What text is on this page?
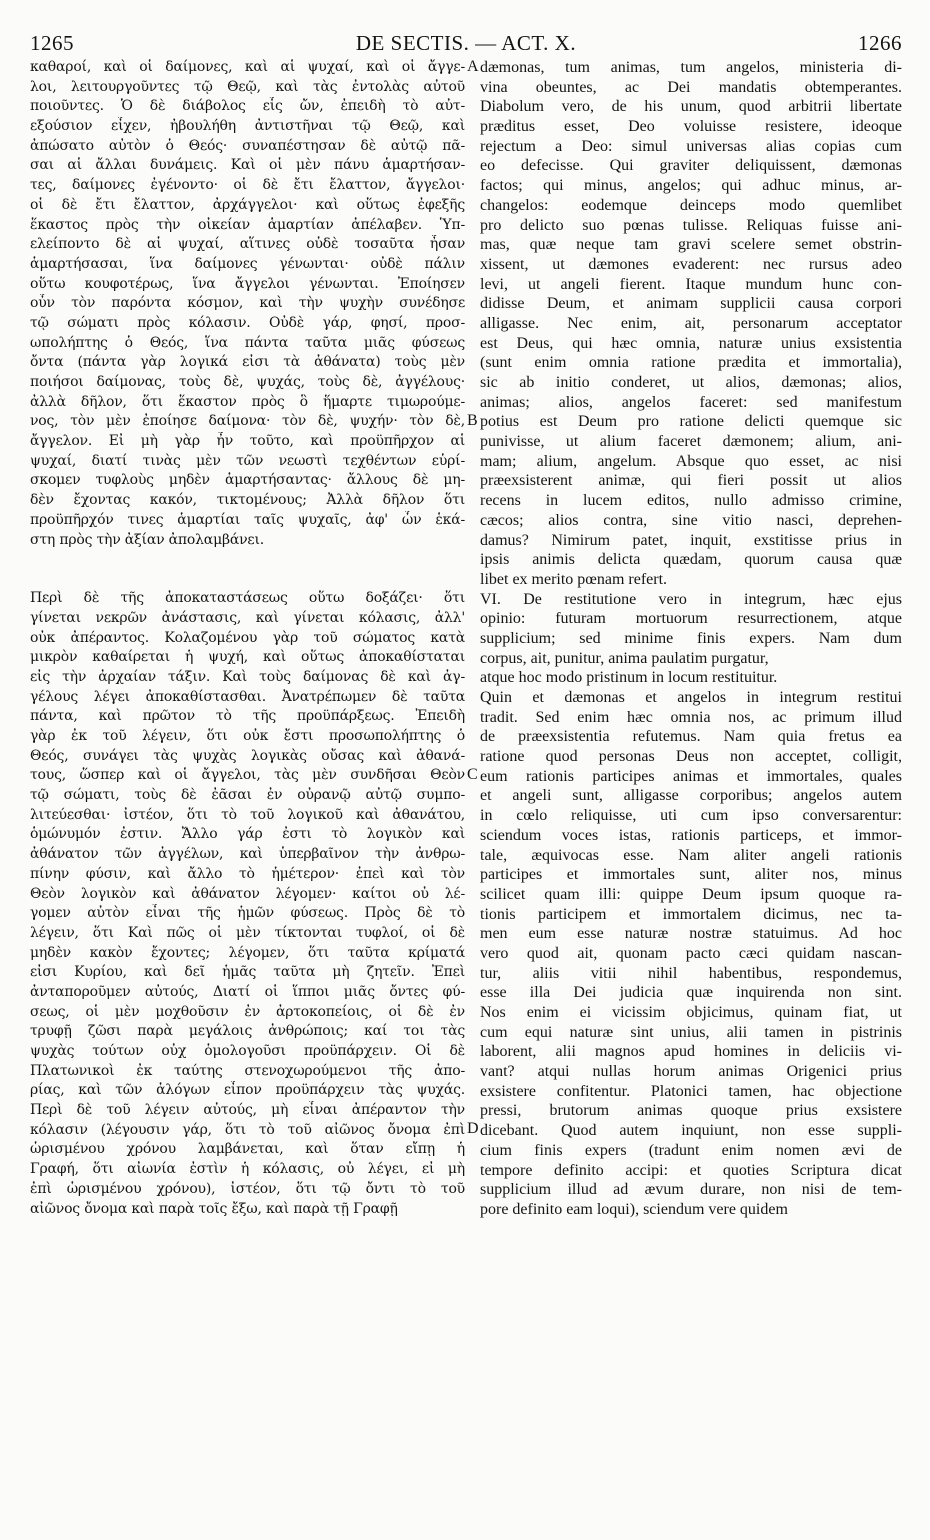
1265	DE SECTIS. — ACT. X.	1266
καθαροί, καὶ οἱ δαίμονες, καὶ αἱ ψυχαί, καὶ οἱ ἄγγε-
λοι, λειτουργοῦντες τῷ Θεῷ, καὶ τὰς ἐντολὰς αὐτοῦ
ποιοῦντες. Ὁ δὲ διάβολος εἷς ὤν, ἐπειδὴ τὸ αὐτ-
εξούσιον εἶχεν, ἠβουλήθη ἀντιστῆναι τῷ Θεῷ, καὶ
ἀπώσατο αὐτὸν ὁ Θεός· συναπέστησαν δὲ αὐτῷ πᾶ-
σαι αἱ ἄλλαι δυνάμεις. Καὶ οἱ μὲν πάνυ ἁμαρτήσαν-
τες, δαίμονες ἐγένοντο· οἱ δὲ ἔτι ἔλαττον, ἄγγελοι·
οἱ δὲ ἔτι ἔλαττον, ἀρχάγγελοι· καὶ οὕτως ἐφεξῆς
ἕκαστος πρὸς τὴν οἰκείαν ἁμαρτίαν ἀπέλαβεν. Ὑπ-
ελείποντο δὲ αἱ ψυχαί, αἵτινες οὐδὲ τοσαῦτα ἦσαν
ἁμαρτήσασαι, ἵνα δαίμονες γένωνται· οὐδὲ πάλιν
οὕτω κουφοτέρως, ἵνα ἄγγελοι γένωνται. Ἐποίησεν
οὖν τὸν παρόντα κόσμον, καὶ τὴν ψυχὴν συνέδησε
τῷ σώματι πρὸς κόλασιν. Οὐδὲ γάρ, φησί, προσ-
ωπολήπτης ὁ Θεός, ἵνα πάντα ταῦτα μιᾶς φύσεως
ὄντα (πάντα γὰρ λογικά εἰσι τὰ ἀθάνατα) τοὺς μὲν
ποιήσοι δαίμονας, τοὺς δὲ, ψυχάς, τοὺς δὲ, ἀγγέλους·
ἀλλὰ δῆλον, ὅτι ἕκαστον πρὸς ὃ ἥμαρτε τιμωρούμε-
νος, τὸν μὲν ἐποίησε δαίμονα· τὸν δὲ, ψυχήν· τὸν δὲ,
ἄγγελον. Εἰ μὴ γὰρ ἦν τοῦτο, καὶ προϋπῆρχον αἱ
ψυχαί, διατί τινὰς μὲν τῶν νεωστὶ τεχθέντων εὑρί-
σκομεν τυφλοὺς μηδὲν ἁμαρτήσαντας· ἄλλους δὲ μη-
δὲν ἔχοντας κακόν, τικτομένους; Ἀλλὰ δῆλον ὅτι
προϋπῆρχόν τινες ἁμαρτίαι ταῖς ψυχαῖς, ἀφ' ὧν ἑκά-
στη πρὸς τὴν ἀξίαν ἀπολαμβάνει.
Περὶ δὲ τῆς ἀποκαταστάσεως οὕτω δοξάζει· ὅτι
γίνεται νεκρῶν ἀνάστασις, καὶ γίνεται κόλασις, ἀλλ'
οὐκ ἀπέραντος. Κολαζομένου γὰρ τοῦ σώματος κατὰ
μικρὸν καθαίρεται ἡ ψυχή, καὶ οὕτως ἀποκαθίσταται
εἰς τὴν ἀρχαίαν τάξιν. Καὶ τοὺς δαίμονας δὲ καὶ ἀγ-
γέλους λέγει ἀποκαθίστασθαι. Ἀνατρέπωμεν δὲ ταῦτα
πάντα, καὶ πρῶτον τὸ τῆς προϋπάρξεως. Ἐπειδὴ
γὰρ ἐκ τοῦ λέγειν, ὅτι οὐκ ἔστι προσωπολήπτης ὁ
Θεός, συνάγει τὰς ψυχὰς λογικὰς οὔσας καὶ ἀθανά-
τους, ὥσπερ καὶ οἱ ἄγγελοι, τὰς μὲν συνδῆσαι Θεὸν
τῷ σώματι, τοὺς δὲ ἐᾶσαι ἐν οὐρανῷ αὐτῷ συμπο-
λιτεύεσθαι· ἰστέον, ὅτι τὸ τοῦ λογικοῦ καὶ ἀθανάτου,
ὁμώνυμόν ἐστιν. Ἄλλο γάρ ἐστι τὸ λογικὸν καὶ
ἀθάνατον τῶν ἀγγέλων, καὶ ὑπερβαῖνον τὴν ἀνθρω-
πίνην φύσιν, καὶ ἄλλο τὸ ἡμέτερον· ἐπεὶ καὶ τὸν
Θεὸν λογικὸν καὶ ἀθάνατον λέγομεν· καίτοι οὐ λέ-
γομεν αὐτὸν εἶναι τῆς ἡμῶν φύσεως. Πρὸς δὲ τὸ
λέγειν, ὅτι Καὶ πῶς οἱ μὲν τίκτονται τυφλοί, οἱ δὲ
μηδὲν κακὸν ἔχοντες; λέγομεν, ὅτι ταῦτα κρίματά
εἰσι Κυρίου, καὶ δεῖ ἡμᾶς ταῦτα μὴ ζητεῖν. Ἐπεὶ
ἀνταποροῦμεν αὐτούς, Διατί οἱ ἵπποι μιᾶς ὄντες φύ-
σεως, οἱ μὲν μοχθοῦσιν ἐν ἀρτοκοπείοις, οἱ δὲ ἐν
τρυφῇ ζῶσι παρὰ μεγάλοις ἀνθρώποις; καί τοι τὰς
ψυχὰς τούτων οὐχ ὁμολογοῦσι προϋπάρχειν. Οἱ δὲ
Πλατωνικοὶ ἐκ ταύτης στενοχωρούμενοι τῆς ἀπο-
ρίας, καὶ τῶν ἀλόγων εἶπον προϋπάρχειν τὰς ψυχάς.
Περὶ δὲ τοῦ λέγειν αὐτούς, μὴ εἶναι ἀπέραντον τὴν
κόλασιν (λέγουσιν γάρ, ὅτι τὸ τοῦ αἰῶνος ὄνομα ἐπὶ
ὡρισμένου χρόνου λαμβάνεται, καὶ ὅταν εἴπῃ ἡ
Γραφή, ὅτι αἰωνία ἐστὶν ἡ κόλασις, οὐ λέγει, εἰ μὴ
ἐπὶ ὡρισμένου χρόνου), ἰστέον, ὅτι τῷ ὄντι τὸ τοῦ
αἰῶνος ὄνομα καὶ παρὰ τοῖς ἔξω, καὶ παρὰ τῇ Γραφῇ
dæmonas, tum animas, tum angelos, ministeria di-
vina obeuntes, ac Dei mandatis obtemperantes.
Diabolum vero, de his unum, quod arbitrii libertate
præditus esset, Deo voluisse resistere, ideoque
rejectum a Deo: simul universas alias copias cum
eo defecisse. Qui graviter deliquissent, dæmonas
factos; qui minus, angelos; qui adhuc minus, ar-
changelos: eodemque deinceps modo quemlibet
pro delicto suo pœnas tulisse. Reliquas fuisse ani-
mas, quæ neque tam gravi scelere semet obstrin-
xissent, ut dæmones evaderent: nec rursus adeo
levi, ut angeli fierent. Itaque mundum hunc con-
didisse Deum, et animam supplicii causa corpori
alligasse. Nec enim, ait, personarum acceptator
est Deus, qui hæc omnia, naturæ unius exsistentia
(sunt enim omnia ratione prædita et immortalia),
sic ab initio conderet, ut alios, dæmonas; alios,
animas; alios, angelos faceret: sed manifestum
potius est Deum pro ratione delicti quemque sic
punivisse, ut alium faceret dæmonem; alium, ani-
mam; alium, angelum. Absque quo esset, ac nisi
præexsisterent animæ, qui fieri possit ut alios
recens in lucem editos, nullo admisso crimine,
cæcos; alios contra, sine vitio nasci, deprehen-
damus? Nimirum patet, inquit, exstitisse prius in
ipsis animis delicta quædam, quorum causa quæ
libet ex merito pœnam refert.
VI. De restitutione vero in integrum, hæc ejus
opinio: futuram mortuorum resurrectionem, atque
supplicium; sed minime finis expers. Nam dum
corpus, ait, punitur, anima paulatim purgatur,
atque hoc modo pristinum in locum restituitur.
Quin et dæmonas et angelos in integrum restitui
tradit. Sed enim hæc omnia nos, ac primum illud
de præexsistentia refutemus. Nam quia fretus ea
ratione quod personas Deus non acceptet, colligit,
eum rationis participes animas et immortales, quales
et angeli sunt, alligasse corporibus; angelos autem
in cœlo reliquisse, uti cum ipso conversarentur:
sciendum voces istas, rationis particeps, et immor-
tale, æquivocas esse. Nam aliter angeli rationis
participes et immortales sunt, aliter nos, minus
scilicet quam illi: quippe Deum ipsum quoque ra-
tionis participem et immortalem dicimus, nec ta-
men eum esse naturæ nostræ statuimus. Ad hoc
vero quod ait, quonam pacto cæci quidam nascan-
tur, aliis vitii nihil habentibus, respondemus,
esse illa Dei judicia quæ inquirenda non sint.
Nos enim ei vicissim objicimus, quinam fiat, ut
cum equi naturæ sint unius, alii tamen in pistrinis
laborent, alii magnos apud homines in deliciis vi-
vant? atqui nullas horum animas Origenici prius
exsistere confitentur. Platonici tamen, hac objectione
pressi, brutorum animas quoque prius exsistere
dicebant. Quod autem inquiunt, non esse suppli-
cium finis expers (tradunt enim nomen ævi de
tempore definito accipi: et quoties Scriptura dicat
supplicium illud ad ævum durare, non nisi de tem-
pore definito eam loqui), sciendum vere quidem
A
B
C
D
